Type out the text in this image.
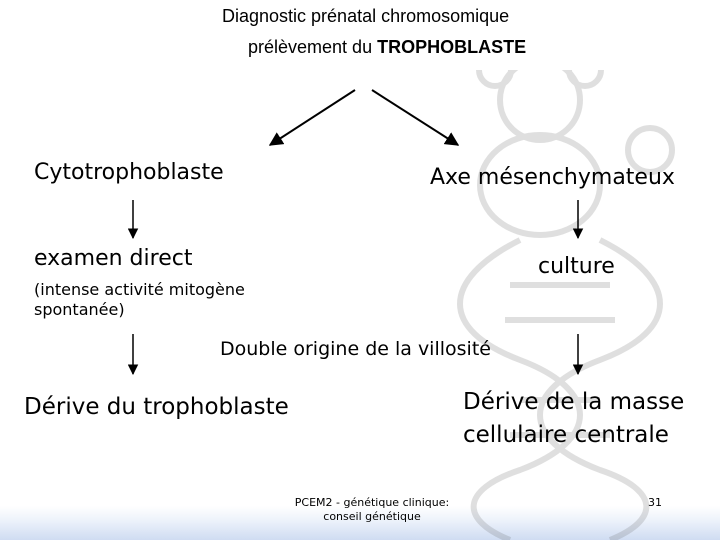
Diagnostic prénatal chromosomique
prélèvement du TROPHOBLASTE
Cytotrophoblaste	Axe mésenchymateux
examen direct	culture
(intense activité mitogène spontanée)
Double origine de la villosité
Dérive du trophoblaste	Dérive de la masse cellulaire centrale
PCEM2 - génétique clinique: conseil génétique
31
